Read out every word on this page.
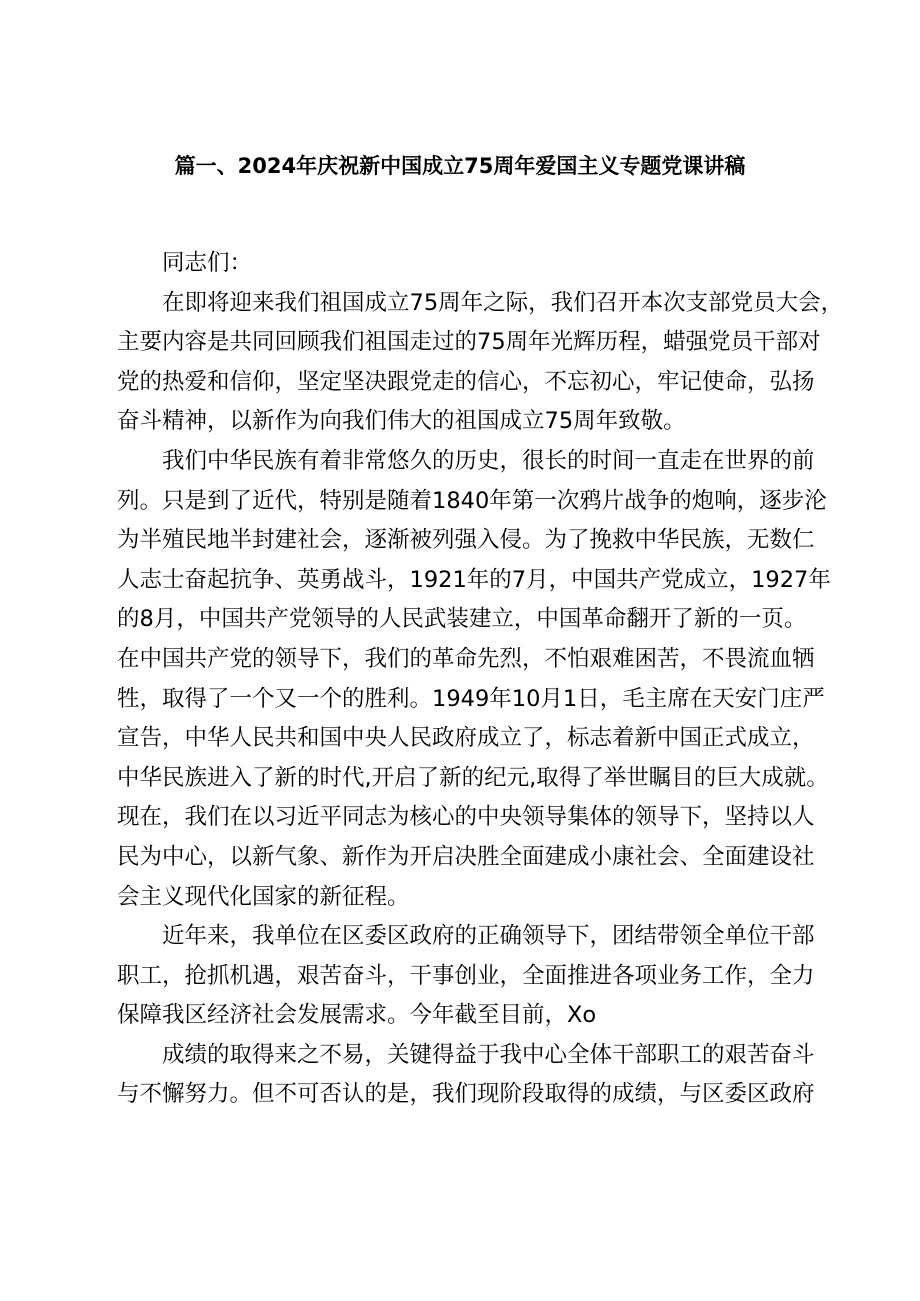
篇一、2024年庆祝新中国成立75周年爱国主义专题党课讲稿
同志们：
在即将迎来我们祖国成立75周年之际，我们召开本次支部党员大会，
主要内容是共同回顾我们祖国走过的75周年光辉历程，蜡强党员干部对
党的热爱和信仰，坚定坚决跟党走的信心，不忘初心，牢记使命，弘扬
奋斗精神，以新作为向我们伟大的祖国成立75周年致敬。
我们中华民族有着非常悠久的历史，很长的时间一直走在世界的前
列。只是到了近代，特别是随着1840年第一次鸦片战争的炮响，逐步沦
为半殖民地半封建社会，逐渐被列强入侵。为了挽救中华民族，无数仁
人志士奋起抗争、英勇战斗，1921年的7月，中国共产党成立，1927年
的8月，中国共产党领导的人民武装建立，中国革命翻开了新的一页。
在中国共产党的领导下，我们的革命先烈，不怕艰难困苦，不畏流血牺
牲，取得了一个又一个的胜利。1949年10月1日，毛主席在天安门庄严
宣告，中华人民共和国中央人民政府成立了，标志着新中国正式成立，
中华民族进入了新的时代,开启了新的纪元,取得了举世瞩目的巨大成就。
现在，我们在以习近平同志为核心的中央领导集体的领导下，坚持以人
民为中心，以新气象、新作为开启决胜全面建成小康社会、全面建设社
会主义现代化国家的新征程。
近年来，我单位在区委区政府的正确领导下，团结带领全单位干部
职工，抢抓机遇，艰苦奋斗，干事创业，全面推进各项业务工作，全力
保障我区经济社会发展需求。今年截至目前，Xo
成绩的取得来之不易，关键得益于我中心全体干部职工的艰苦奋斗
与不懈努力。但不可否认的是，我们现阶段取得的成绩，与区委区政府
